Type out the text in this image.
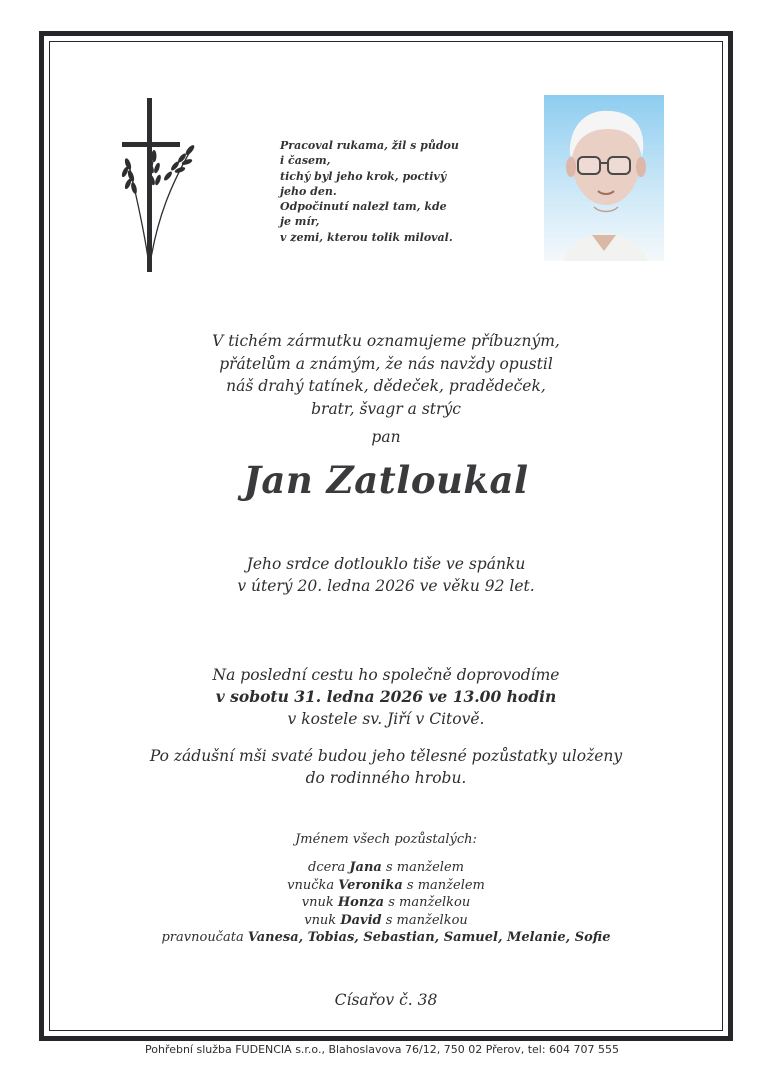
Pracoval rukama, žil s půdou
i časem,
tichý byl jeho krok, poctivý
jeho den.
Odpočinutí nalezl tam, kde
je mír,
v zemi, kterou tolik miloval.
V tichém zármutku oznamujeme příbuzným,
přátelům a známým, že nás navždy opustil
náš drahý tatínek, dědeček, pradědeček,
bratr, švagr a strýc
pan
Jan Zatloukal
Jeho srdce dotlouklo tiše ve spánku
v úterý 20. ledna 2026 ve věku 92 let.
Na poslední cestu ho společně doprovodíme
v sobotu 31. ledna 2026 ve 13.00 hodin
v kostele sv. Jiří v Citově.
Po zádušní mši svaté budou jeho tělesné pozůstatky uloženy
do rodinného hrobu.
Jménem všech pozůstalých:
dcera Jana s manželem
vnučka Veronika s manželem
vnuk Honza s manželkou
vnuk David s manželkou
pravnoučata Vanesa, Tobias, Sebastian, Samuel, Melanie, Sofie
Císařov č. 38
Pohřební služba FUDENCIA s.r.o., Blahoslavova 76/12, 750 02 Přerov, tel: 604 707 555
